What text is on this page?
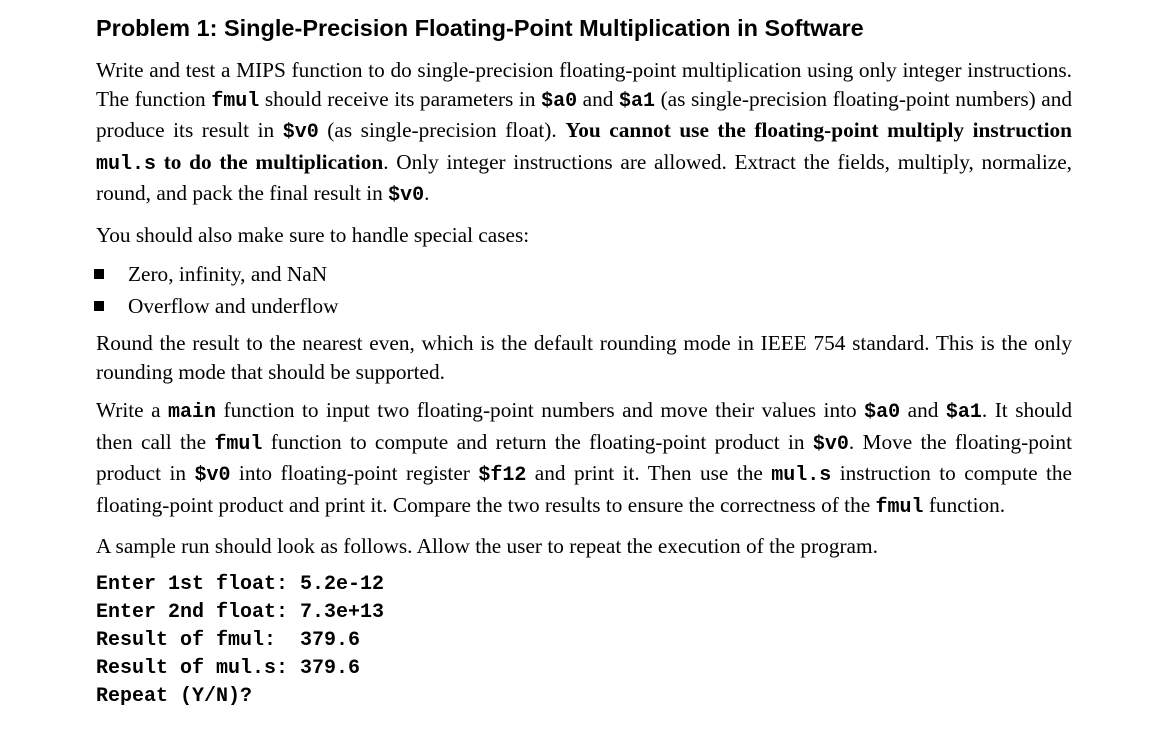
Problem 1: Single-Precision Floating-Point Multiplication in Software

Write and test a MIPS function to do single-precision floating-point multiplication using only integer instructions. The function fmul should receive its parameters in $a0 and $a1 (as single-precision floating-point numbers) and produce its result in $v0 (as single-precision float). You cannot use the floating-point multiply instruction mul.s to do the multiplication. Only integer instructions are allowed. Extract the fields, multiply, normalize, round, and pack the final result in $v0.

You should also make sure to handle special cases:

Zero, infinity, and NaN
Overflow and underflow

Round the result to the nearest even, which is the default rounding mode in IEEE 754 standard. This is the only rounding mode that should be supported.

Write a main function to input two floating-point numbers and move their values into $a0 and $a1. It should then call the fmul function to compute and return the floating-point product in $v0. Move the floating-point product in $v0 into floating-point register $f12 and print it. Then use the mul.s instruction to compute the floating-point product and print it. Compare the two results to ensure the correctness of the fmul function.

A sample run should look as follows. Allow the user to repeat the execution of the program.

Enter 1st float: 5.2e-12
Enter 2nd float: 7.3e+13
Result of fmul:  379.6
Result of mul.s: 379.6
Repeat (Y/N)?
